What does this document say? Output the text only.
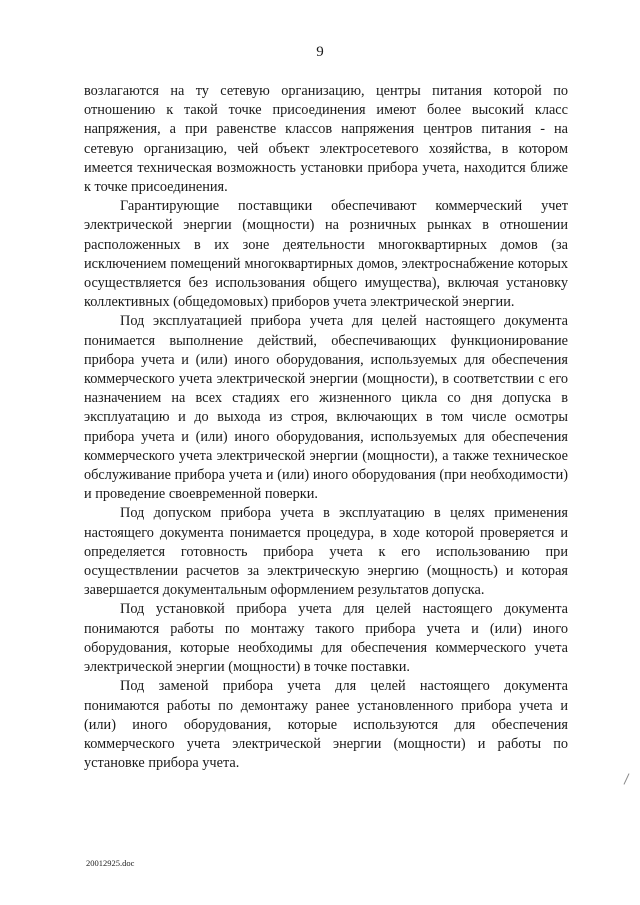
9

возлагаются на ту сетевую организацию, центры питания которой по отношению к такой точке присоединения имеют более высокий класс напряжения, а при равенстве классов напряжения центров питания - на сетевую организацию, чей объект электросетевого хозяйства, в котором имеется техническая возможность установки прибора учета, находится ближе к точке присоединения.

Гарантирующие поставщики обеспечивают коммерческий учет электрической энергии (мощности) на розничных рынках в отношении расположенных в их зоне деятельности многоквартирных домов (за исключением помещений многоквартирных домов, электроснабжение которых осуществляется без использования общего имущества), включая установку коллективных (общедомовых) приборов учета электрической энергии.

Под эксплуатацией прибора учета для целей настоящего документа понимается выполнение действий, обеспечивающих функционирование прибора учета и (или) иного оборудования, используемых для обеспечения коммерческого учета электрической энергии (мощности), в соответствии с его назначением на всех стадиях его жизненного цикла со дня допуска в эксплуатацию и до выхода из строя, включающих в том числе осмотры прибора учета и (или) иного оборудования, используемых для обеспечения коммерческого учета электрической энергии (мощности), а также техническое обслуживание прибора учета и (или) иного оборудования (при необходимости) и проведение своевременной поверки.

Под допуском прибора учета в эксплуатацию в целях применения настоящего документа понимается процедура, в ходе которой проверяется и определяется готовность прибора учета к его использованию при осуществлении расчетов за электрическую энергию (мощность) и которая завершается документальным оформлением результатов допуска.

Под установкой прибора учета для целей настоящего документа понимаются работы по монтажу такого прибора учета и (или) иного оборудования, которые необходимы для обеспечения коммерческого учета электрической энергии (мощности) в точке поставки.

Под заменой прибора учета для целей настоящего документа понимаются работы по демонтажу ранее установленного прибора учета и (или) иного оборудования, которые используются для обеспечения коммерческого учета электрической энергии (мощности) и работы по установке прибора учета.

20012925.doc
